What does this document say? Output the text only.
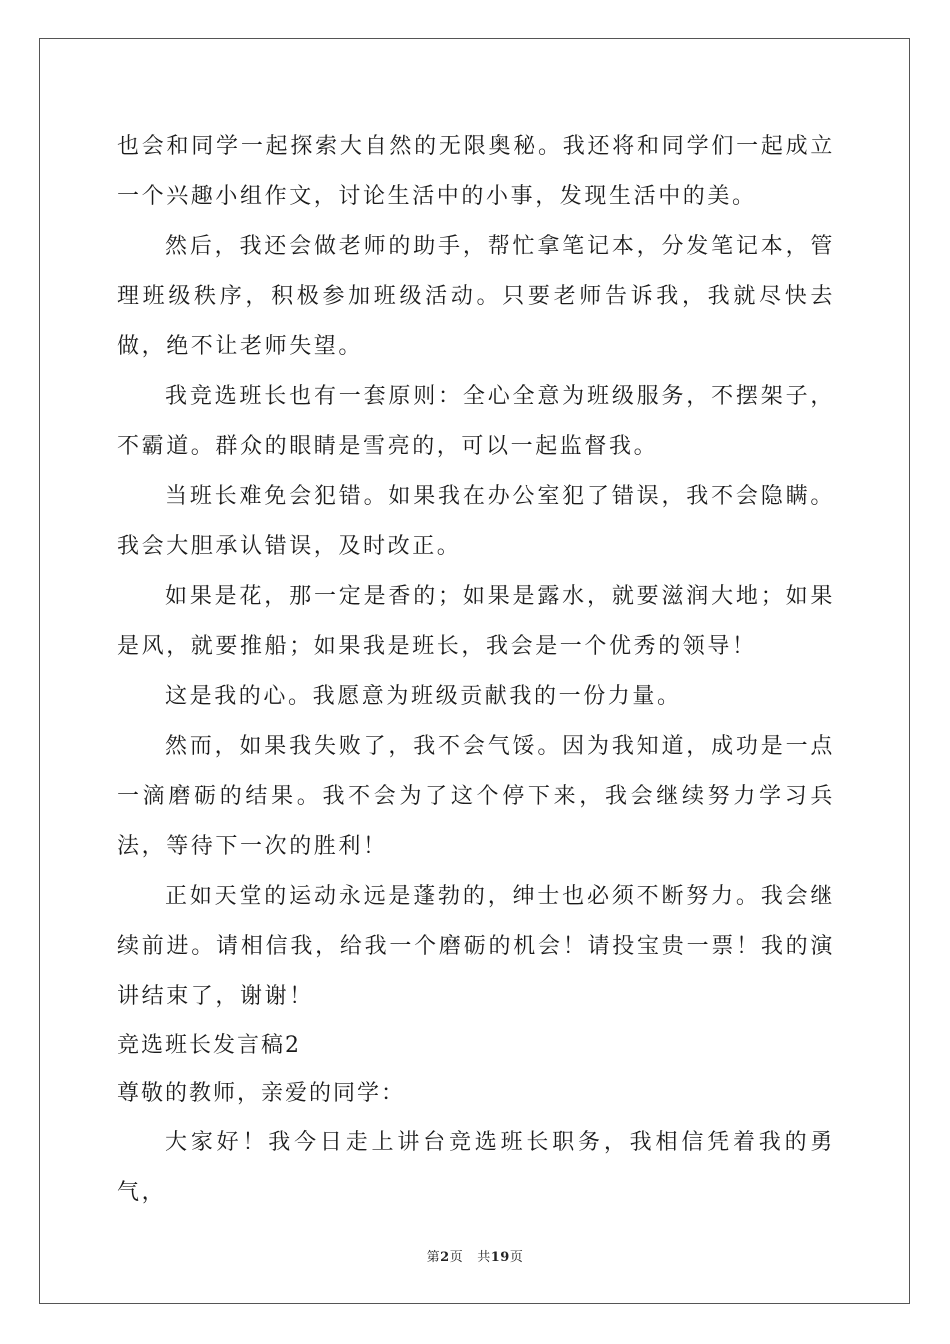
也会和同学一起探索大自然的无限奥秘。我还将和同学们一起成立一个兴趣小组作文，讨论生活中的小事，发现生活中的美。

然后，我还会做老师的助手，帮忙拿笔记本，分发笔记本，管理班级秩序，积极参加班级活动。只要老师告诉我，我就尽快去做，绝不让老师失望。

我竞选班长也有一套原则：全心全意为班级服务，不摆架子，不霸道。群众的眼睛是雪亮的，可以一起监督我。

当班长难免会犯错。如果我在办公室犯了错误，我不会隐瞒。我会大胆承认错误，及时改正。

如果是花，那一定是香的；如果是露水，就要滋润大地；如果是风，就要推船；如果我是班长，我会是一个优秀的领导！

这是我的心。我愿意为班级贡献我的一份力量。

然而，如果我失败了，我不会气馁。因为我知道，成功是一点一滴磨砺的结果。我不会为了这个停下来，我会继续努力学习兵法，等待下一次的胜利！

正如天堂的运动永远是蓬勃的，绅士也必须不断努力。我会继续前进。请相信我，给我一个磨砺的机会！请投宝贵一票！我的演讲结束了，谢谢！

竞选班长发言稿2

尊敬的教师，亲爱的同学：

大家好！我今日走上讲台竞选班长职务，我相信凭着我的勇气，

第2页 共19页
